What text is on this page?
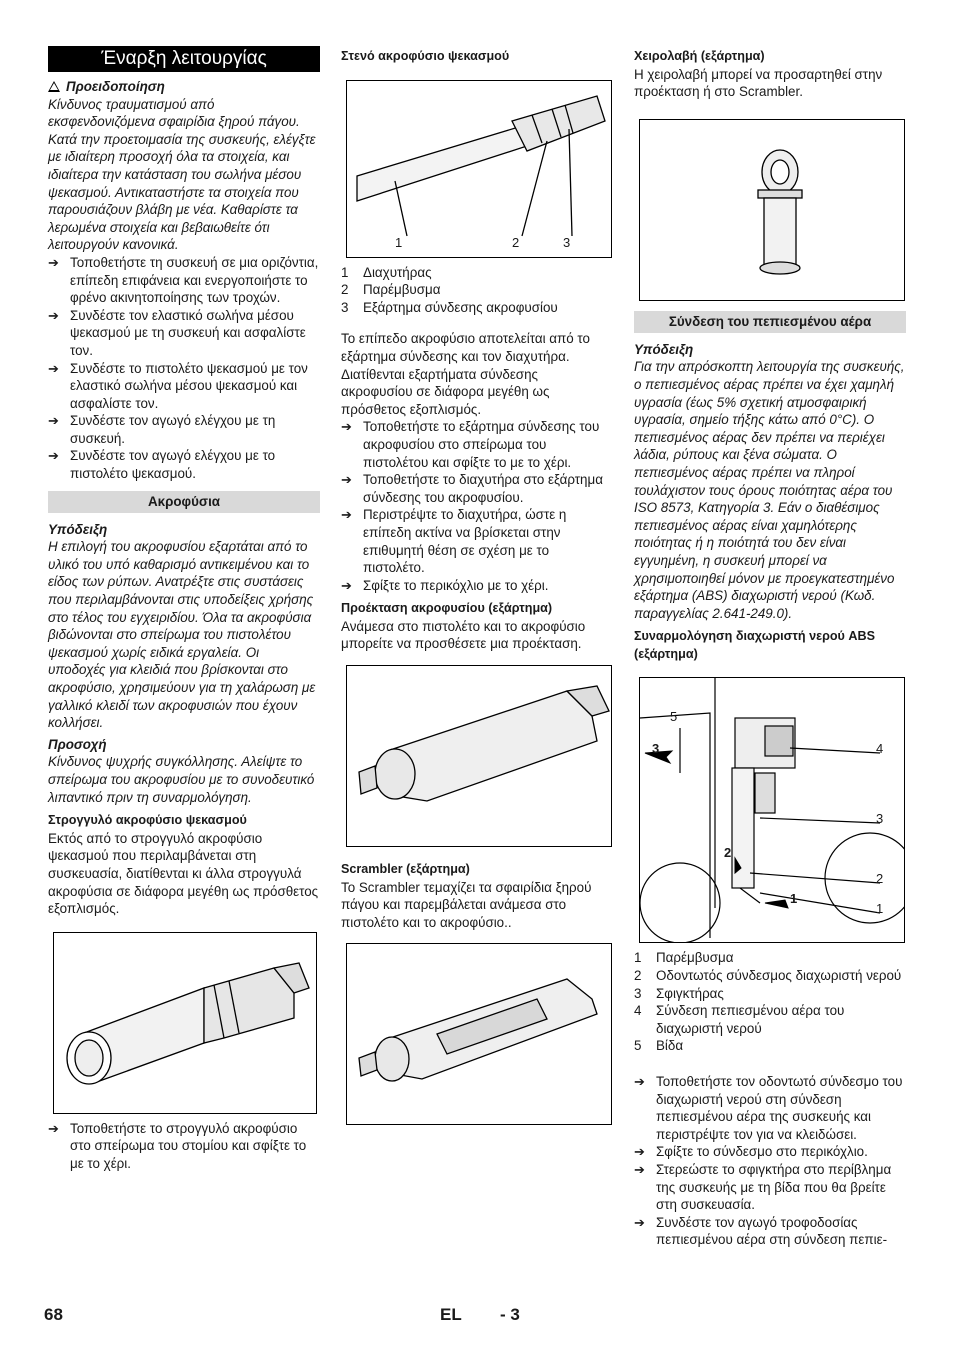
Έναρξη λειτουργίας
Προειδοποίηση

Κίνδυνος τραυματισμού από εκσφενδονιζόμενα σφαιρίδια ξηρού πάγου. Κατά την προετοιμασία της συσκευής, ελέγξτε με ιδιαίτερη προσοχή όλα τα στοιχεία, και ιδιαίτερα την κατάσταση του σωλήνα μέσου ψεκασμού. Αντικαταστήστε τα στοιχεία που παρουσιάζουν βλάβη με νέα. Καθαρίστε τα λερωμένα στοιχεία και βεβαιωθείτε ότι λειτουργούν κανονικά.

➔ Τοποθετήστε τη συσκευή σε μια οριζόντια, επίπεδη επιφάνεια και ενεργοποιήστε το φρένο ακινητοποίησης των τροχών.
➔ Συνδέστε τον ελαστικό σωλήνα μέσου ψεκασμού με τη συσκευή και ασφαλίστε τον.
➔ Συνδέστε το πιστολέτο ψεκασμού με τον ελαστικό σωλήνα μέσου ψεκασμού και ασφαλίστε τον.
➔ Συνδέστε τον αγωγό ελέγχου με τη συσκευή.
➔ Συνδέστε τον αγωγό ελέγχου με το πιστολέτο ψεκασμού.
Ακροφύσια
Υπόδειξη

Η επιλογή του ακροφυσίου εξαρτάται από το υλικό του υπό καθαρισμό αντικειμένου και το είδος των ρύπων. Ανατρέξτε στις συστάσεις που περιλαμβάνονται στις υποδείξεις χρήσης στο τέλος του εγχειριδίου. Όλα τα ακροφύσια βιδώνονται στο σπείρωμα του πιστολέτου ψεκασμού χωρίς ειδικά εργαλεία. Οι υποδοχές για κλειδιά που βρίσκονται στο ακροφύσιο, χρησιμεύουν για τη χαλάρωση με γαλλικό κλειδί των ακροφυσιών που έχουν κολλήσει.

Προσοχή

Κίνδυνος ψυχρής συγκόλλησης. Αλείψτε το σπείρωμα του ακροφυσίου με το συνοδευτικό λιπαντικό πριν τη συναρμολόγηση.

Στρογγυλό ακροφύσιο ψεκασμού

Εκτός από το στρογγυλό ακροφύσιο ψεκασμού που περιλαμβάνεται στη συσκευασία, διατίθενται κι άλλα στρογγυλά ακροφύσια σε διάφορα μεγέθη ως πρόσθετος εξοπλισμός.

➔ Τοποθετήστε το στρογγυλό ακροφύσιο στο σπείρωμα του στομίου και σφίξτε το με το χέρι.
Στενό ακροφύσιο ψεκασμού
1	2	3
1 Διαχυτήρας
2 Παρέμβυσμα
3 Εξάρτημα σύνδεσης ακροφυσίου

Το επίπεδο ακροφύσιο αποτελείται από το εξάρτημα σύνδεσης και τον διαχυτήρα. Διατίθενται εξαρτήματα σύνδεσης ακροφυσίου σε διάφορα μεγέθη ως πρόσθετος εξοπλισμός.

➔ Τοποθετήστε το εξάρτημα σύνδεσης του ακροφυσίου στο σπείρωμα του πιστολέτου και σφίξτε το με το χέρι.
➔ Τοποθετήστε το διαχυτήρα στο εξάρτημα σύνδεσης του ακροφυσίου.
➔ Περιστρέψτε το διαχυτήρα, ώστε η επίπεδη ακτίνα να βρίσκεται στην επιθυμητή θέση σε σχέση με το πιστολέτο.
➔ Σφίξτε το περικόχλιο με το χέρι.
Προέκταση ακροφυσίου (εξάρτημα)

Ανάμεσα στο πιστολέτο και το ακροφύσιο μπορείτε να προσθέσετε μια προέκταση.

Scrambler (εξάρτημα)

Το Scrambler τεμαχίζει τα σφαιρίδια ξηρού πάγου και παρεμβάλεται ανάμεσα στο πιστολέτο και το ακροφύσιο..

Χειρολαβή (εξάρτημα)

Η χειρολαβή μπορεί να προσαρτηθεί στην προέκταση ή στο Scrambler.

Σύνδεση του πεπιεσμένου αέρα
Υπόδειξη

Για την απρόσκοπτη λειτουργία της συσκευής, ο πεπιεσμένος αέρας πρέπει να έχει χαμηλή υγρασία (έως 5% σχετική ατμοσφαιρική υγρασία, σημείο τήξης κάτω από 0°C). Ο πεπιεσμένος αέρας δεν πρέπει να περιέχει λάδια, ρύπους και ξένα σώματα. Ο πεπιεσμένος αέρας πρέπει να πληροί τουλάχιστον τους όρους ποιότητας αέρα του ISO 8573, Κατηγορία 3. Εάν ο διαθέσιμος πεπιεσμένος αέρας είναι χαμηλότερης ποιότητας ή η ποιότητά του δεν είναι εγγυημένη, η συσκευή μπορεί να χρησιμοποιηθεί μόνον με προεγκατεστημένο εξάρτημα (ABS) διαχωριστή νερού (Κωδ. παραγγελίας 2.641-249.0).

Συναρμολόγηση διαχωριστή νερού ABS (εξάρτημα)
5
4
3
2
1
3
2
1
1 Παρέμβυσμα
2 Οδοντωτός σύνδεσμος διαχωριστή νερού
3 Σφιγκτήρας
4 Σύνδεση πεπιεσμένου αέρα του διαχωριστή νερού
5 Βίδα
➔ Τοποθετήστε τον οδοντωτό σύνδεσμο του διαχωριστή νερού στη σύνδεση πεπιεσμένου αέρα της συσκευής και περιστρέψτε τον για να κλειδώσει.
➔ Σφίξτε το σύνδεσμο στο περικόχλιο.
➔ Στερεώστε το σφιγκτήρα στο περίβλημα της συσκευής με τη βίδα που θα βρείτε στη συσκευασία.
➔ Συνδέστε τον αγωγό τροφοδοσίας πεπιεσμένου αέρα στη σύνδεση πεπιε-
68	EL - 3
